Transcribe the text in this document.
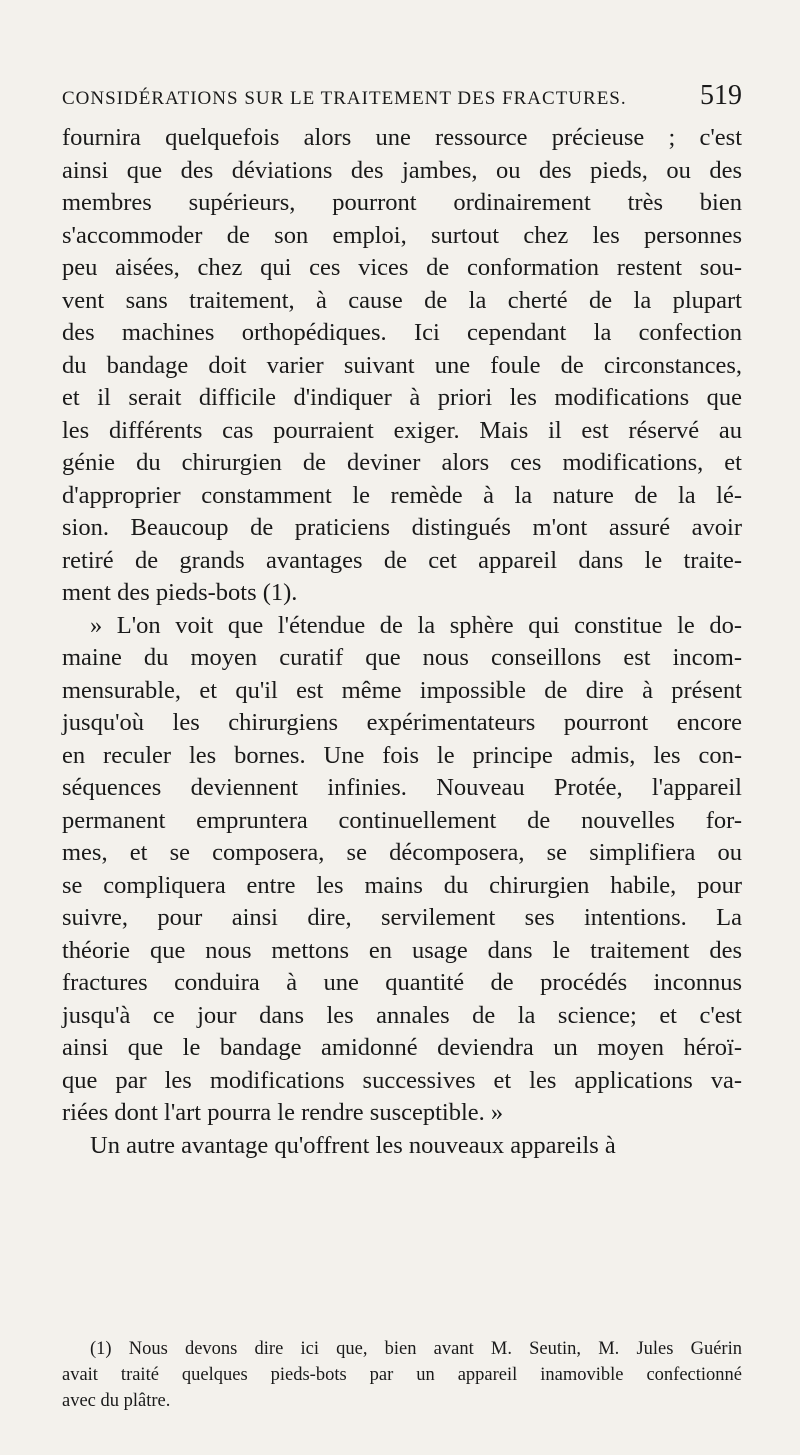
CONSIDÉRATIONS SUR LE TRAITEMENT DES FRACTURES.	519
fournira quelquefois alors une ressource précieuse ; c'est
ainsi que des déviations des jambes, ou des pieds, ou des
membres supérieurs, pourront ordinairement très bien
s'accommoder de son emploi, surtout chez les personnes
peu aisées, chez qui ces vices de conformation restent sou-
vent sans traitement, à cause de la cherté de la plupart
des machines orthopédiques. Ici cependant la confection
du bandage doit varier suivant une foule de circonstances,
et il serait difficile d'indiquer à priori les modifications que
les différents cas pourraient exiger. Mais il est réservé au
génie du chirurgien de deviner alors ces modifications, et
d'approprier constamment le remède à la nature de la lé-
sion. Beaucoup de praticiens distingués m'ont assuré avoir
retiré de grands avantages de cet appareil dans le traite-
ment des pieds-bots (1).
» L'on voit que l'étendue de la sphère qui constitue le do-
maine du moyen curatif que nous conseillons est incom-
mensurable, et qu'il est même impossible de dire à présent
jusqu'où les chirurgiens expérimentateurs pourront encore
en reculer les bornes. Une fois le principe admis, les con-
séquences deviennent infinies. Nouveau Protée, l'appareil
permanent empruntera continuellement de nouvelles for-
mes, et se composera, se décomposera, se simplifiera ou
se compliquera entre les mains du chirurgien habile, pour
suivre, pour ainsi dire, servilement ses intentions. La
théorie que nous mettons en usage dans le traitement des
fractures conduira à une quantité de procédés inconnus
jusqu'à ce jour dans les annales de la science; et c'est
ainsi que le bandage amidonné deviendra un moyen héroï-
que par les modifications successives et les applications va-
riées dont l'art pourra le rendre susceptible. »
Un autre avantage qu'offrent les nouveaux appareils à
(1) Nous devons dire ici que, bien avant M. Seutin, M. Jules Guérin
avait traité quelques pieds-bots par un appareil inamovible confectionné
avec du plâtre.
